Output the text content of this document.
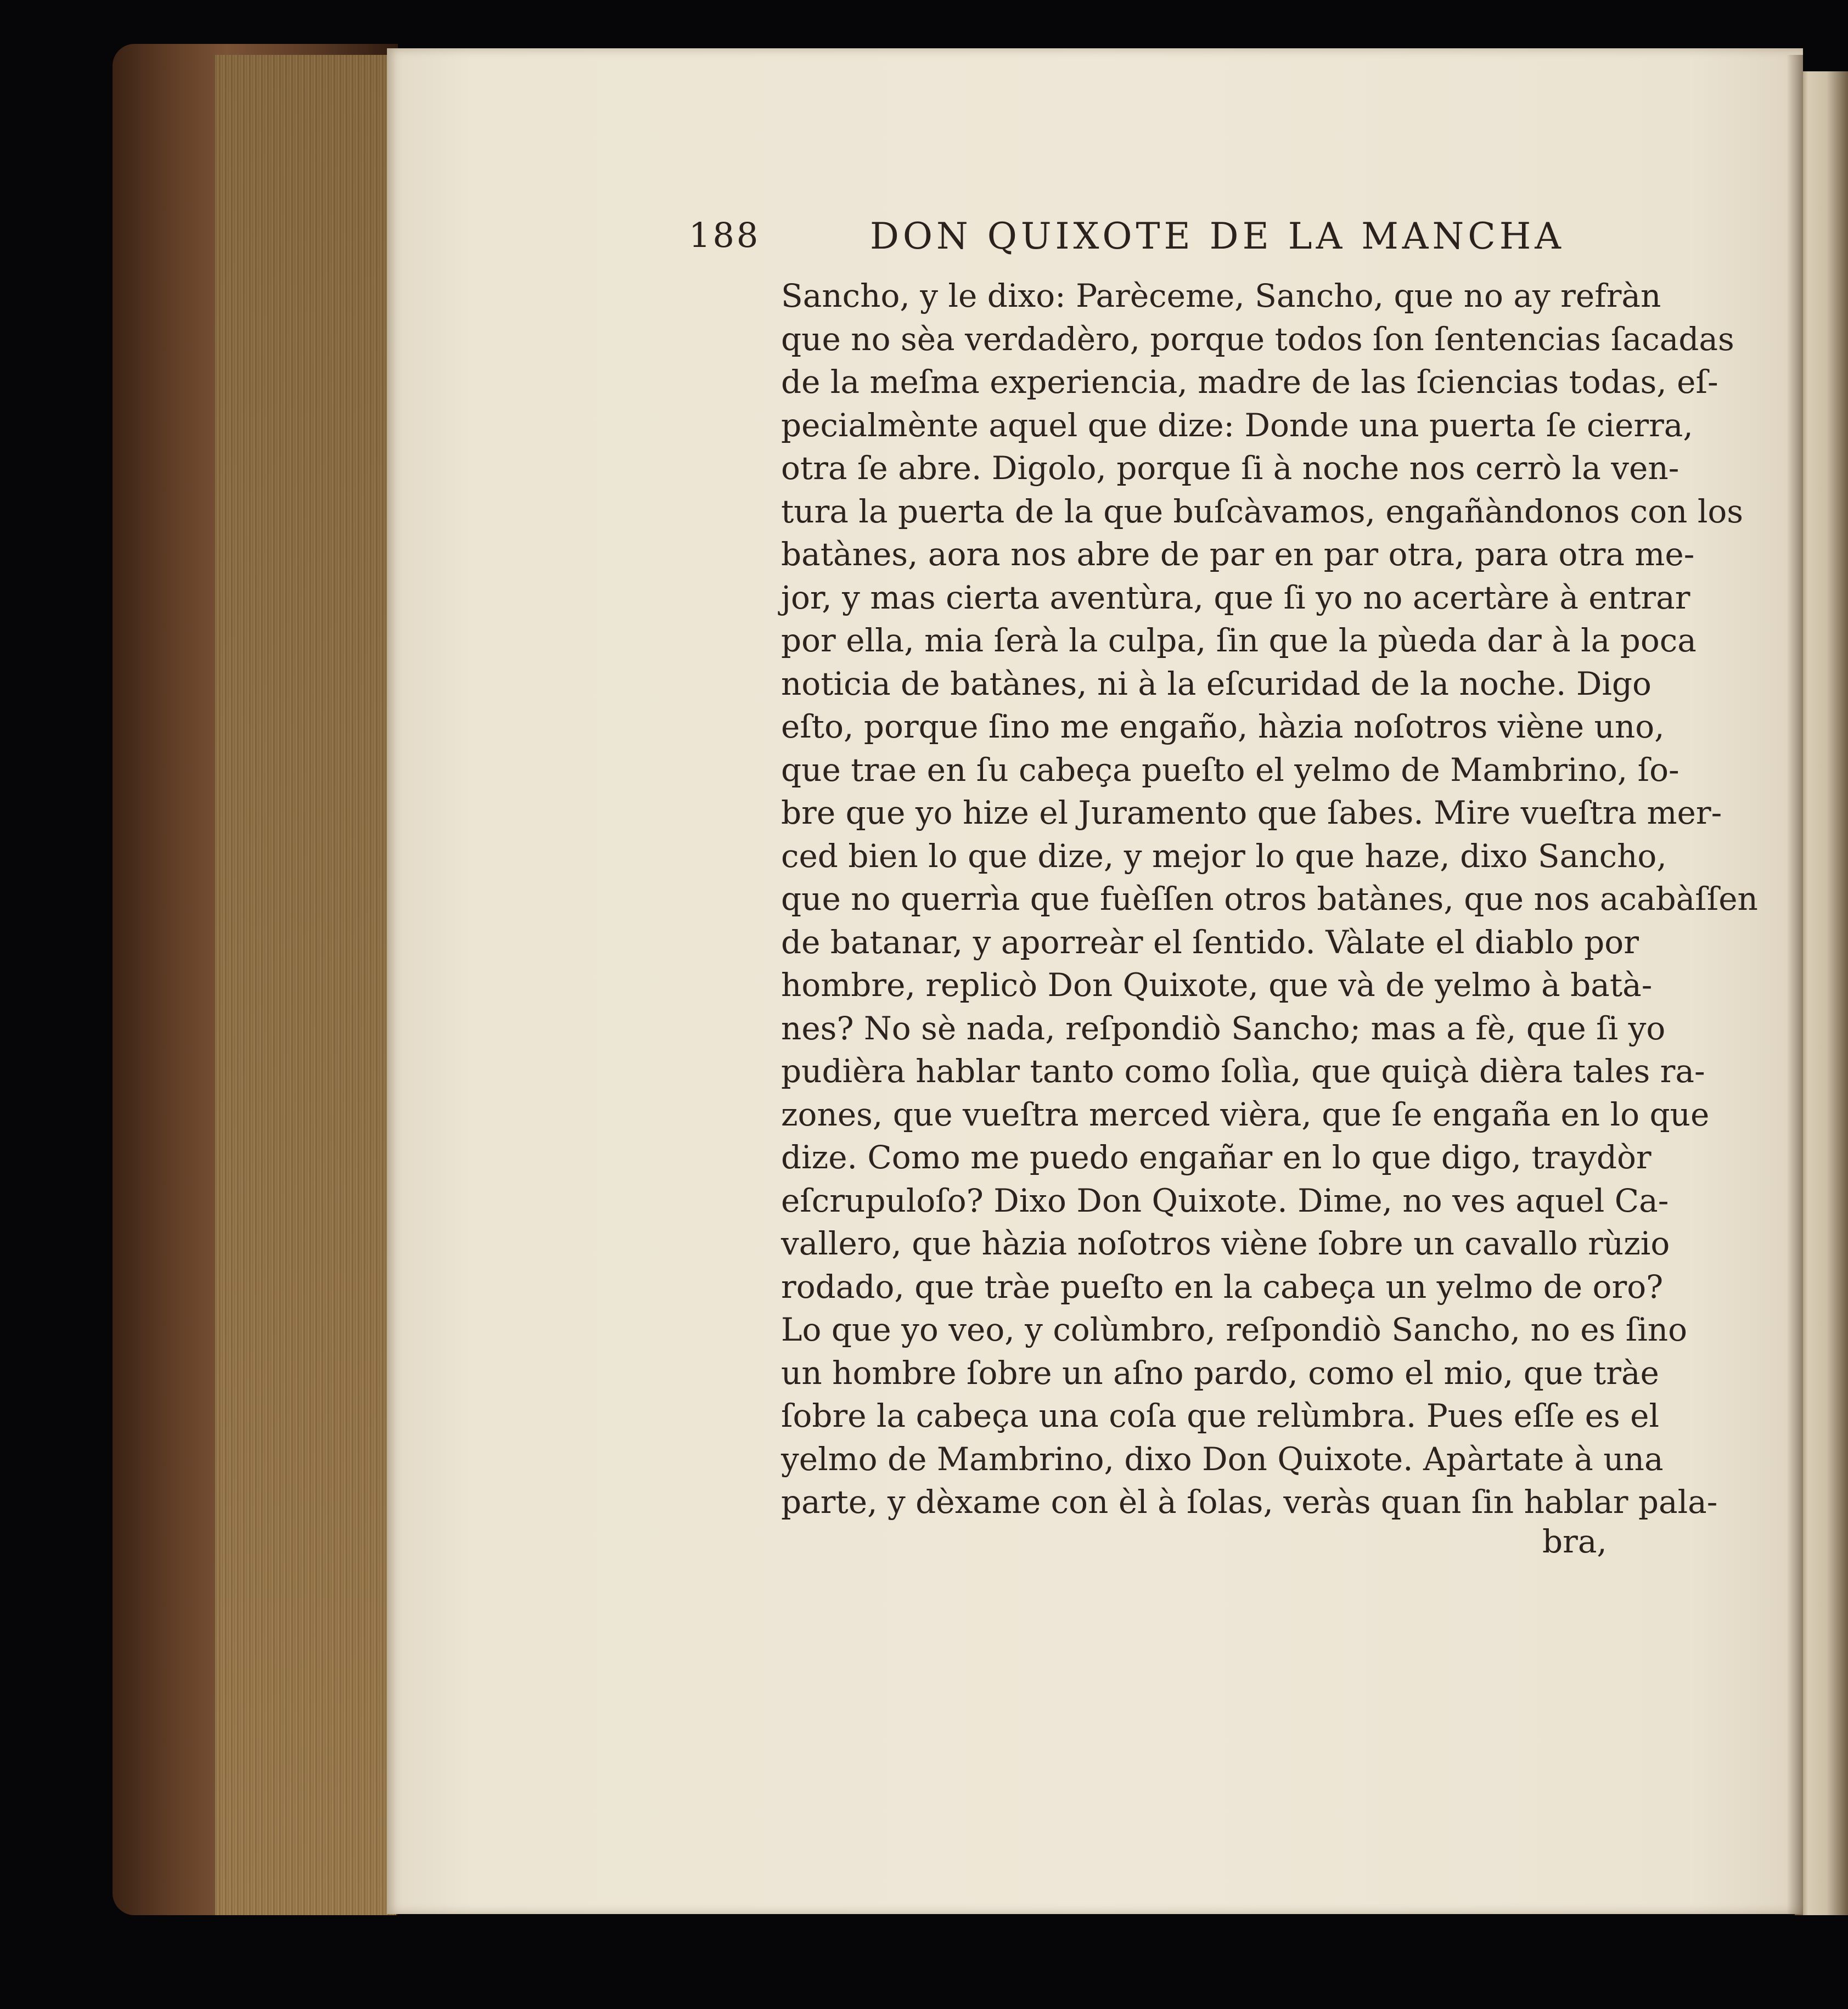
188	DON QUIXOTE DE LA MANCHA
Sancho, y le dixo: Parèceme, Sancho, que no ay refràn
que no sèa verdadèro, porque todos ſon ſentencias ſacadas
de la meſma experiencia, madre de las ſciencias todas, eſ-
pecialmènte aquel que dize: Donde una puerta ſe cierra,
otra ſe abre. Digolo, porque ſi à noche nos cerrò la ven-
tura la puerta de la que buſcàvamos, engañàndonos con los
batànes, aora nos abre de par en par otra, para otra me-
jor, y mas cierta aventùra, que ſi yo no acertàre à entrar
por ella, mia ſerà la culpa, ſin que la pùeda dar à la poca
noticia de batànes, ni à la eſcuridad de la noche. Digo
eſto, porque ſino me engaño, hàzia noſotros viène uno,
que trae en ſu cabeça pueſto el yelmo de Mambrino, ſo-
bre que yo hize el Juramento que ſabes. Mire vueſtra mer-
ced bien lo que dize, y mejor lo que haze, dixo Sancho,
que no querrìa que fuèſſen otros batànes, que nos acabàſſen
de batanar, y aporreàr el ſentido. Vàlate el diablo por
hombre, replicò Don Quixote, que và de yelmo à batà-
nes? No sè nada, reſpondiò Sancho; mas a fè, que ſi yo
pudièra hablar tanto como ſolìa, que quiçà dièra tales ra-
zones, que vueſtra merced vièra, que ſe engaña en lo que
dize. Como me puedo engañar en lo que digo, traydòr
eſcrupuloſo? Dixo Don Quixote. Dime, no ves aquel Ca-
vallero, que hàzia noſotros viène ſobre un cavallo rùzio
rodado, que tràe pueſto en la cabeça un yelmo de oro?
Lo que yo veo, y colùmbro, reſpondiò Sancho, no es ſino
un hombre ſobre un aſno pardo, como el mio, que tràe
ſobre la cabeça una coſa que relùmbra. Pues eſſe es el
yelmo de Mambrino, dixo Don Quixote. Apàrtate à una
parte, y dèxame con èl à ſolas, veràs quan ſin hablar pala-
bra,
